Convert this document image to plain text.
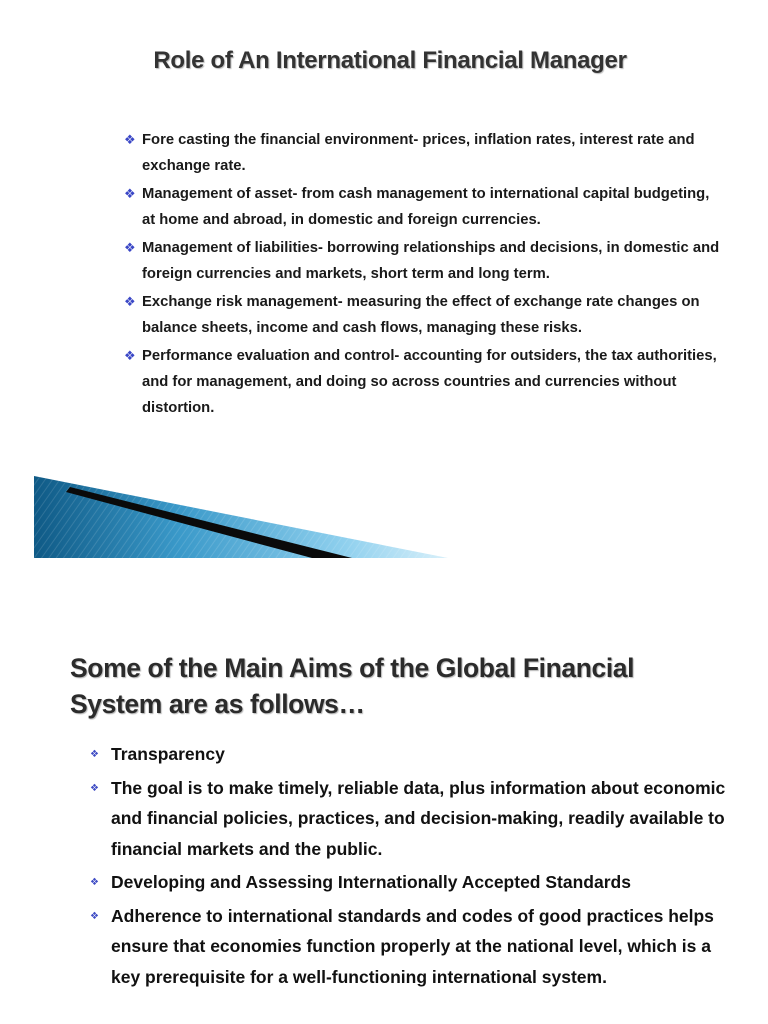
Role of An International Financial Manager
❖ Fore casting the financial environment- prices, inflation rates, interest rate and exchange rate.
❖ Management of asset- from cash management to international capital budgeting, at home and abroad, in domestic and foreign currencies.
❖ Management of liabilities- borrowing relationships and decisions, in domestic and foreign currencies and markets, short term and long term.
❖ Exchange risk management- measuring the effect of exchange rate changes on balance sheets, income and cash flows, managing these risks.
❖ Performance evaluation and control- accounting for outsiders, the tax authorities, and for management, and doing so across countries and currencies without distortion.
Some of the Main Aims of the Global Financial System are as follows…
❖ Transparency
❖ The goal is to make timely, reliable data, plus information about economic and financial policies, practices, and decision-making, readily available to financial markets and the public.
❖ Developing and Assessing Internationally Accepted Standards
❖ Adherence to international standards and codes of good practices helps ensure that economies function properly at the national level, which is a key prerequisite for a well-functioning international system.
